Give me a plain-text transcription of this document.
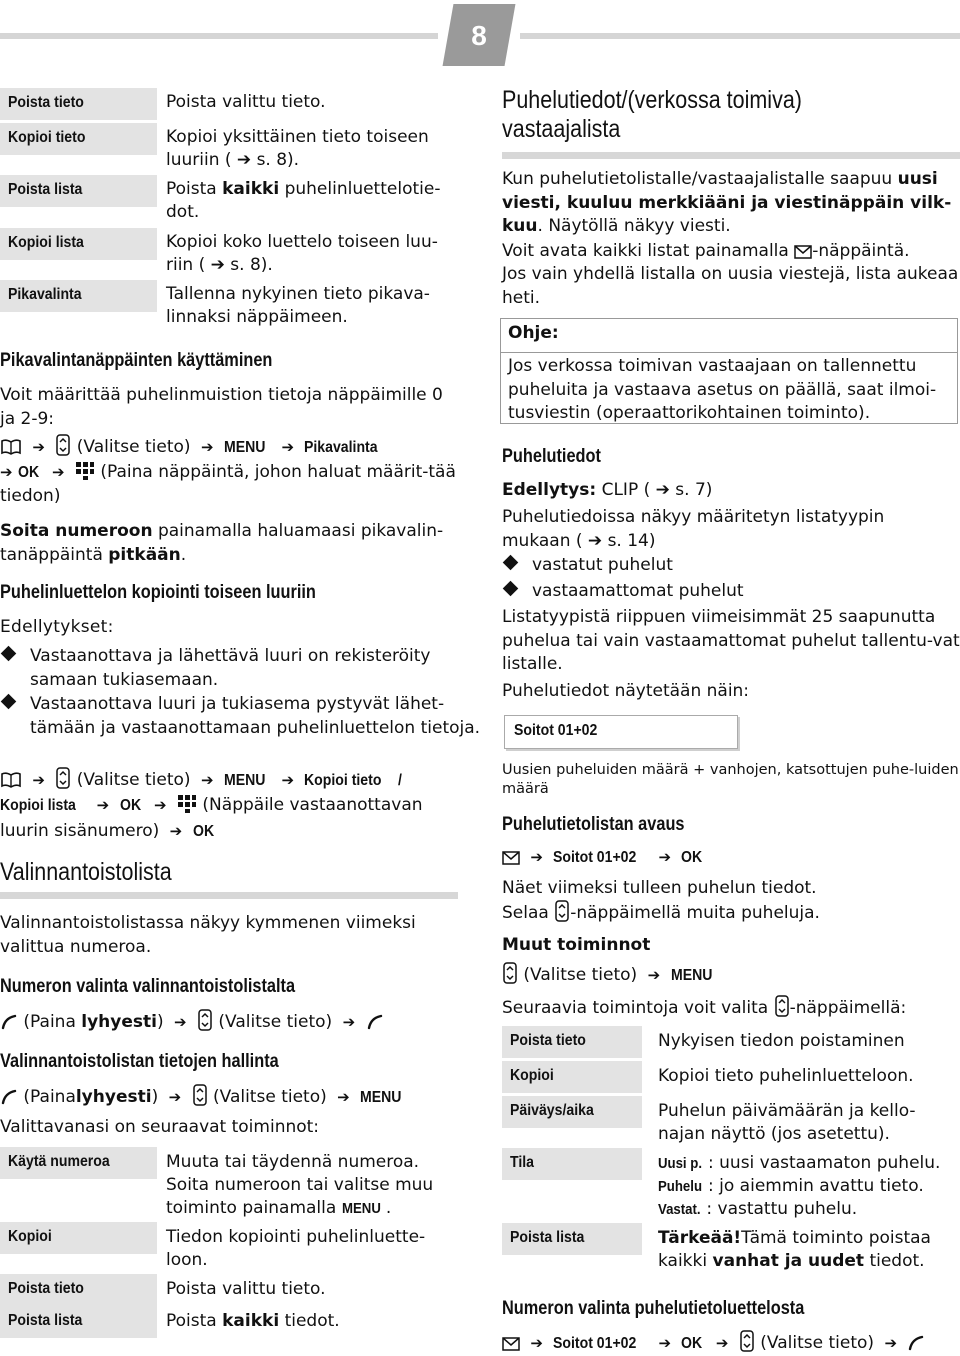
8
Poista tieto	Poista valittu tieto.
Kopioi tieto	Kopioi yksittäinen tieto toiseen luuriin ( ➔ s. 8).
Poista lista	Poista kaikki puhelinluettelotie-dot.
Kopioi lista	Kopioi koko luettelo toiseen luu-riin ( ➔ s. 8).
Pikavalinta	Tallenna nykyinen tieto pikava-linnaksi näppäimeen.
Pikavalintanäppäinten käyttäminen
Voit määrittää puhelinmuistion tietoja näppäimille 0 ja 2-9:
➔ (Valitse tieto) ➔ MENU ➔ Pikavalinta
➔ OK ➔ (Paina näppäintä, johon haluat määrit-tää tiedon)
Soita numeroon painamalla haluamaasi pikavalin-tanäppäintä pitkään.
Puhelinluettelon kopiointi toiseen luuriin
Edellytykset:
Vastaanottava ja lähettävä luuri on rekisteröity samaan tukiasemaan.
Vastaanottava luuri ja tukiasema pystyvät lähet-tämään ja vastaanottamaan puhelinluettelon tietoja.
➔ (Valitse tieto) ➔ MENU ➔ Kopioi tieto /
Kopioi lista ➔ OK ➔ (Näppäile vastaanottavan
luurin sisänumero) ➔ OK
Valinnantoistolista
Valinnantoistolistassa näkyy kymmenen viimeksi valittua numeroa.
Numeron valinta valinnantoistolistalta
(Paina lyhyesti) ➔ (Valitse tieto) ➔
Valinnantoistolistan tietojen hallinta
(Painalyhyesti) ➔ (Valitse tieto) ➔ MENU
Valittavanasi on seuraavat toiminnot:
Käytä numeroa	Muuta tai täydennä numeroa. Soita numeroon tai valitse muu toiminto painamalla MENU .
Kopioi	Tiedon kopiointi puhelinluette-loon.
Poista tieto	Poista valittu tieto.
Poista lista	Poista kaikki tiedot.
Puhelutiedot/(verkossa toimiva)
vastaajalista
Kun puhelutietolistalle/vastaajalistalle saapuu uusi viesti, kuuluu merkkiääni ja viestinäppäin vilk-kuu. Näytöllä näkyy viesti.
Voit avata kaikki listat painamalla -näppäintä.
Jos vain yhdellä listalla on uusia viestejä, lista aukeaa heti.
Ohje:
Jos verkossa toimivan vastaajaan on tallennettu puheluita ja vastaava asetus on päällä, saat ilmoi-tusviestin (operaattorikohtainen toiminto).
Puhelutiedot
Edellytys: CLIP ( ➔ s. 7)
Puhelutiedoissa näkyy määritetyn listatyypin mukaan ( ➔ s. 14)
vastatut puhelut
vastaamattomat puhelut
Listatyypistä riippuen viimeisimmät 25 saapunutta puhelua tai vain vastaamattomat puhelut tallentu-vat listalle.
Puhelutiedot näytetään näin:
Soitot 01+02
Uusien puheluiden määrä + vanhojen, katsottujen puhe-luiden määrä
Puhelutietolistan avaus
➔ Soitot 01+02 ➔ OK
Näet viimeksi tulleen puhelun tiedot.
Selaa -näppäimellä muita puheluja.
Muut toiminnot
(Valitse tieto) ➔ MENU
Seuraavia toimintoja voit valita -näppäimellä:
Poista tieto	Nykyisen tiedon poistaminen
Kopioi	Kopioi tieto puhelinluetteloon.
Päiväys/aika	Puhelun päivämäärän ja kello-najan näyttö (jos asetettu).
Tila	Uusi p. : uusi vastaamaton puhelu.
Puhelu : jo aiemmin avattu tieto.
Vastat. : vastattu puhelu.
Poista lista	Tärkeää!Tämä toiminto poistaa kaikki vanhat ja uudet tiedot.
Numeron valinta puhelutietoluettelosta
➔ Soitot 01+02 ➔ OK ➔ (Valitse tieto) ➔
